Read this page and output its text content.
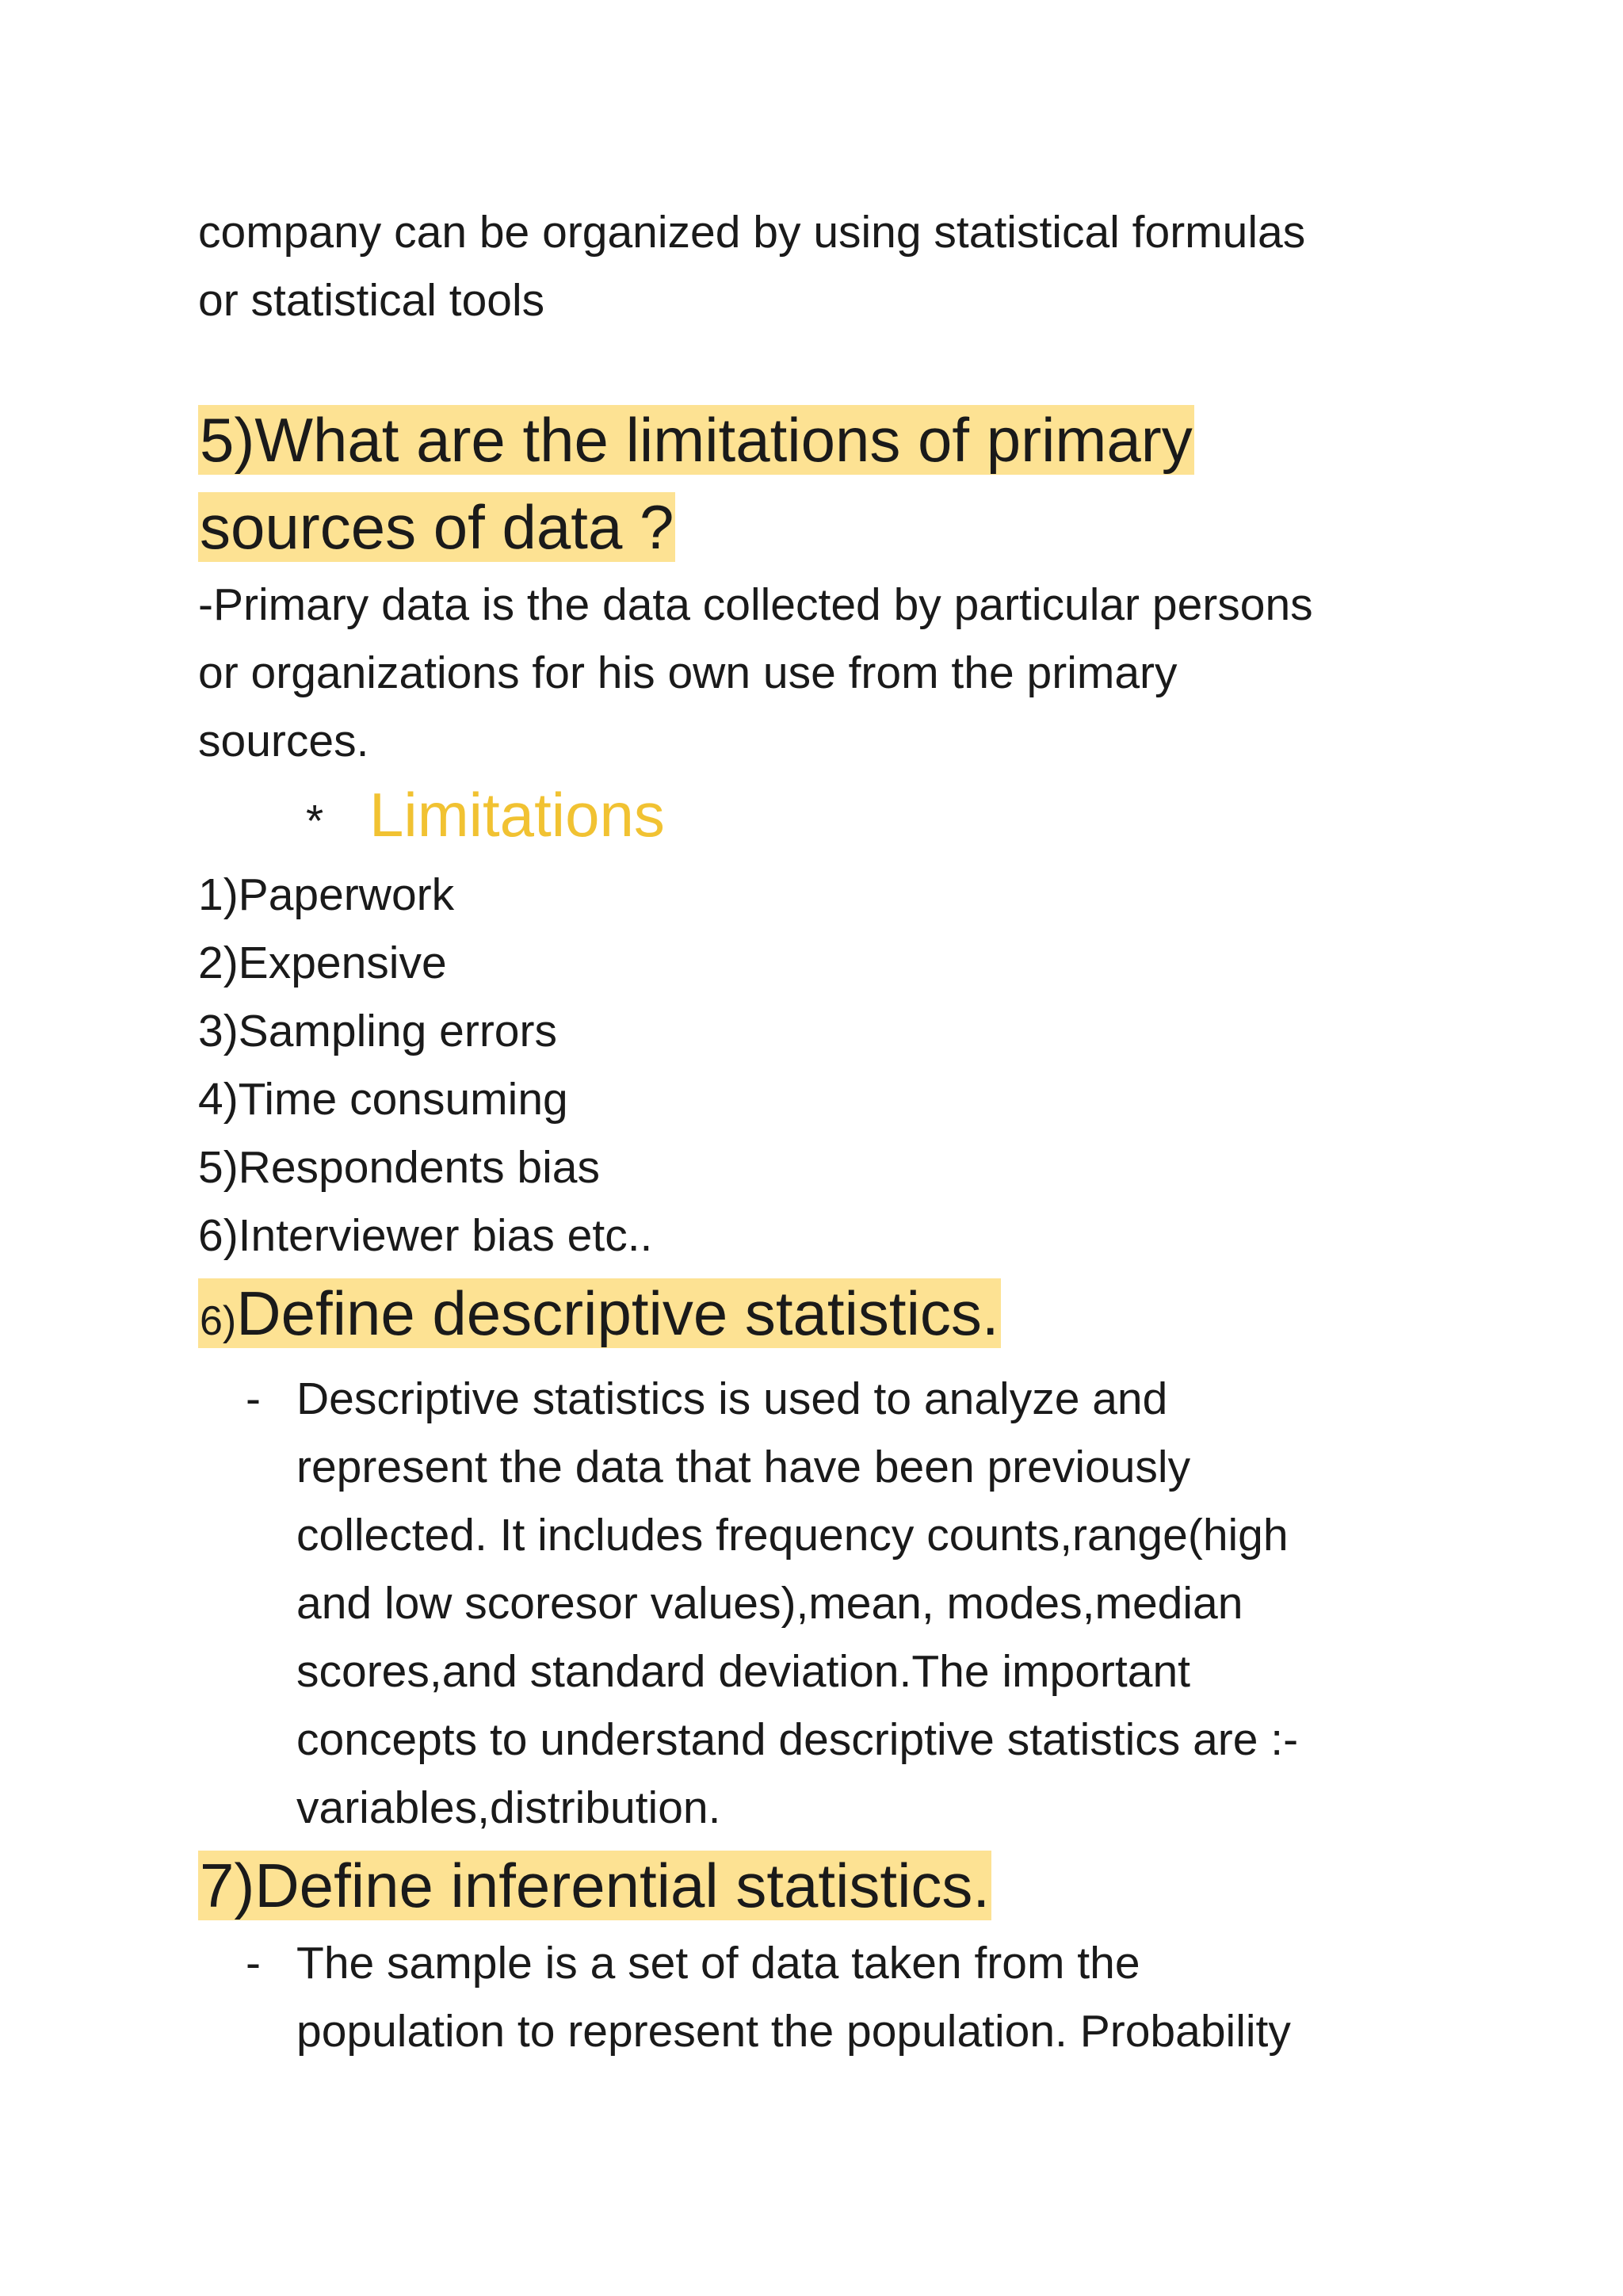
company can be organized by using statistical formulas

or statistical tools

5)What are the limitations of primary

sources of data ?

-Primary data is the data collected by particular persons

or organizations for his own use from the primary

sources.

* Limitations
1)Paperwork
2)Expensive
3)Sampling errors
4)Time consuming
5)Respondents bias
6)Interviewer bias etc..

6)Define descriptive statistics.

- Descriptive statistics is used to analyze and
represent the data that have been previously
collected. It includes frequency counts,range(high
and low scoresor values),mean, modes,median
scores,and standard deviation.The important
concepts to understand descriptive statistics are :-
variables,distribution.

7)Define inferential statistics.

- The sample is a set of data taken from the
population to represent the population. Probability
